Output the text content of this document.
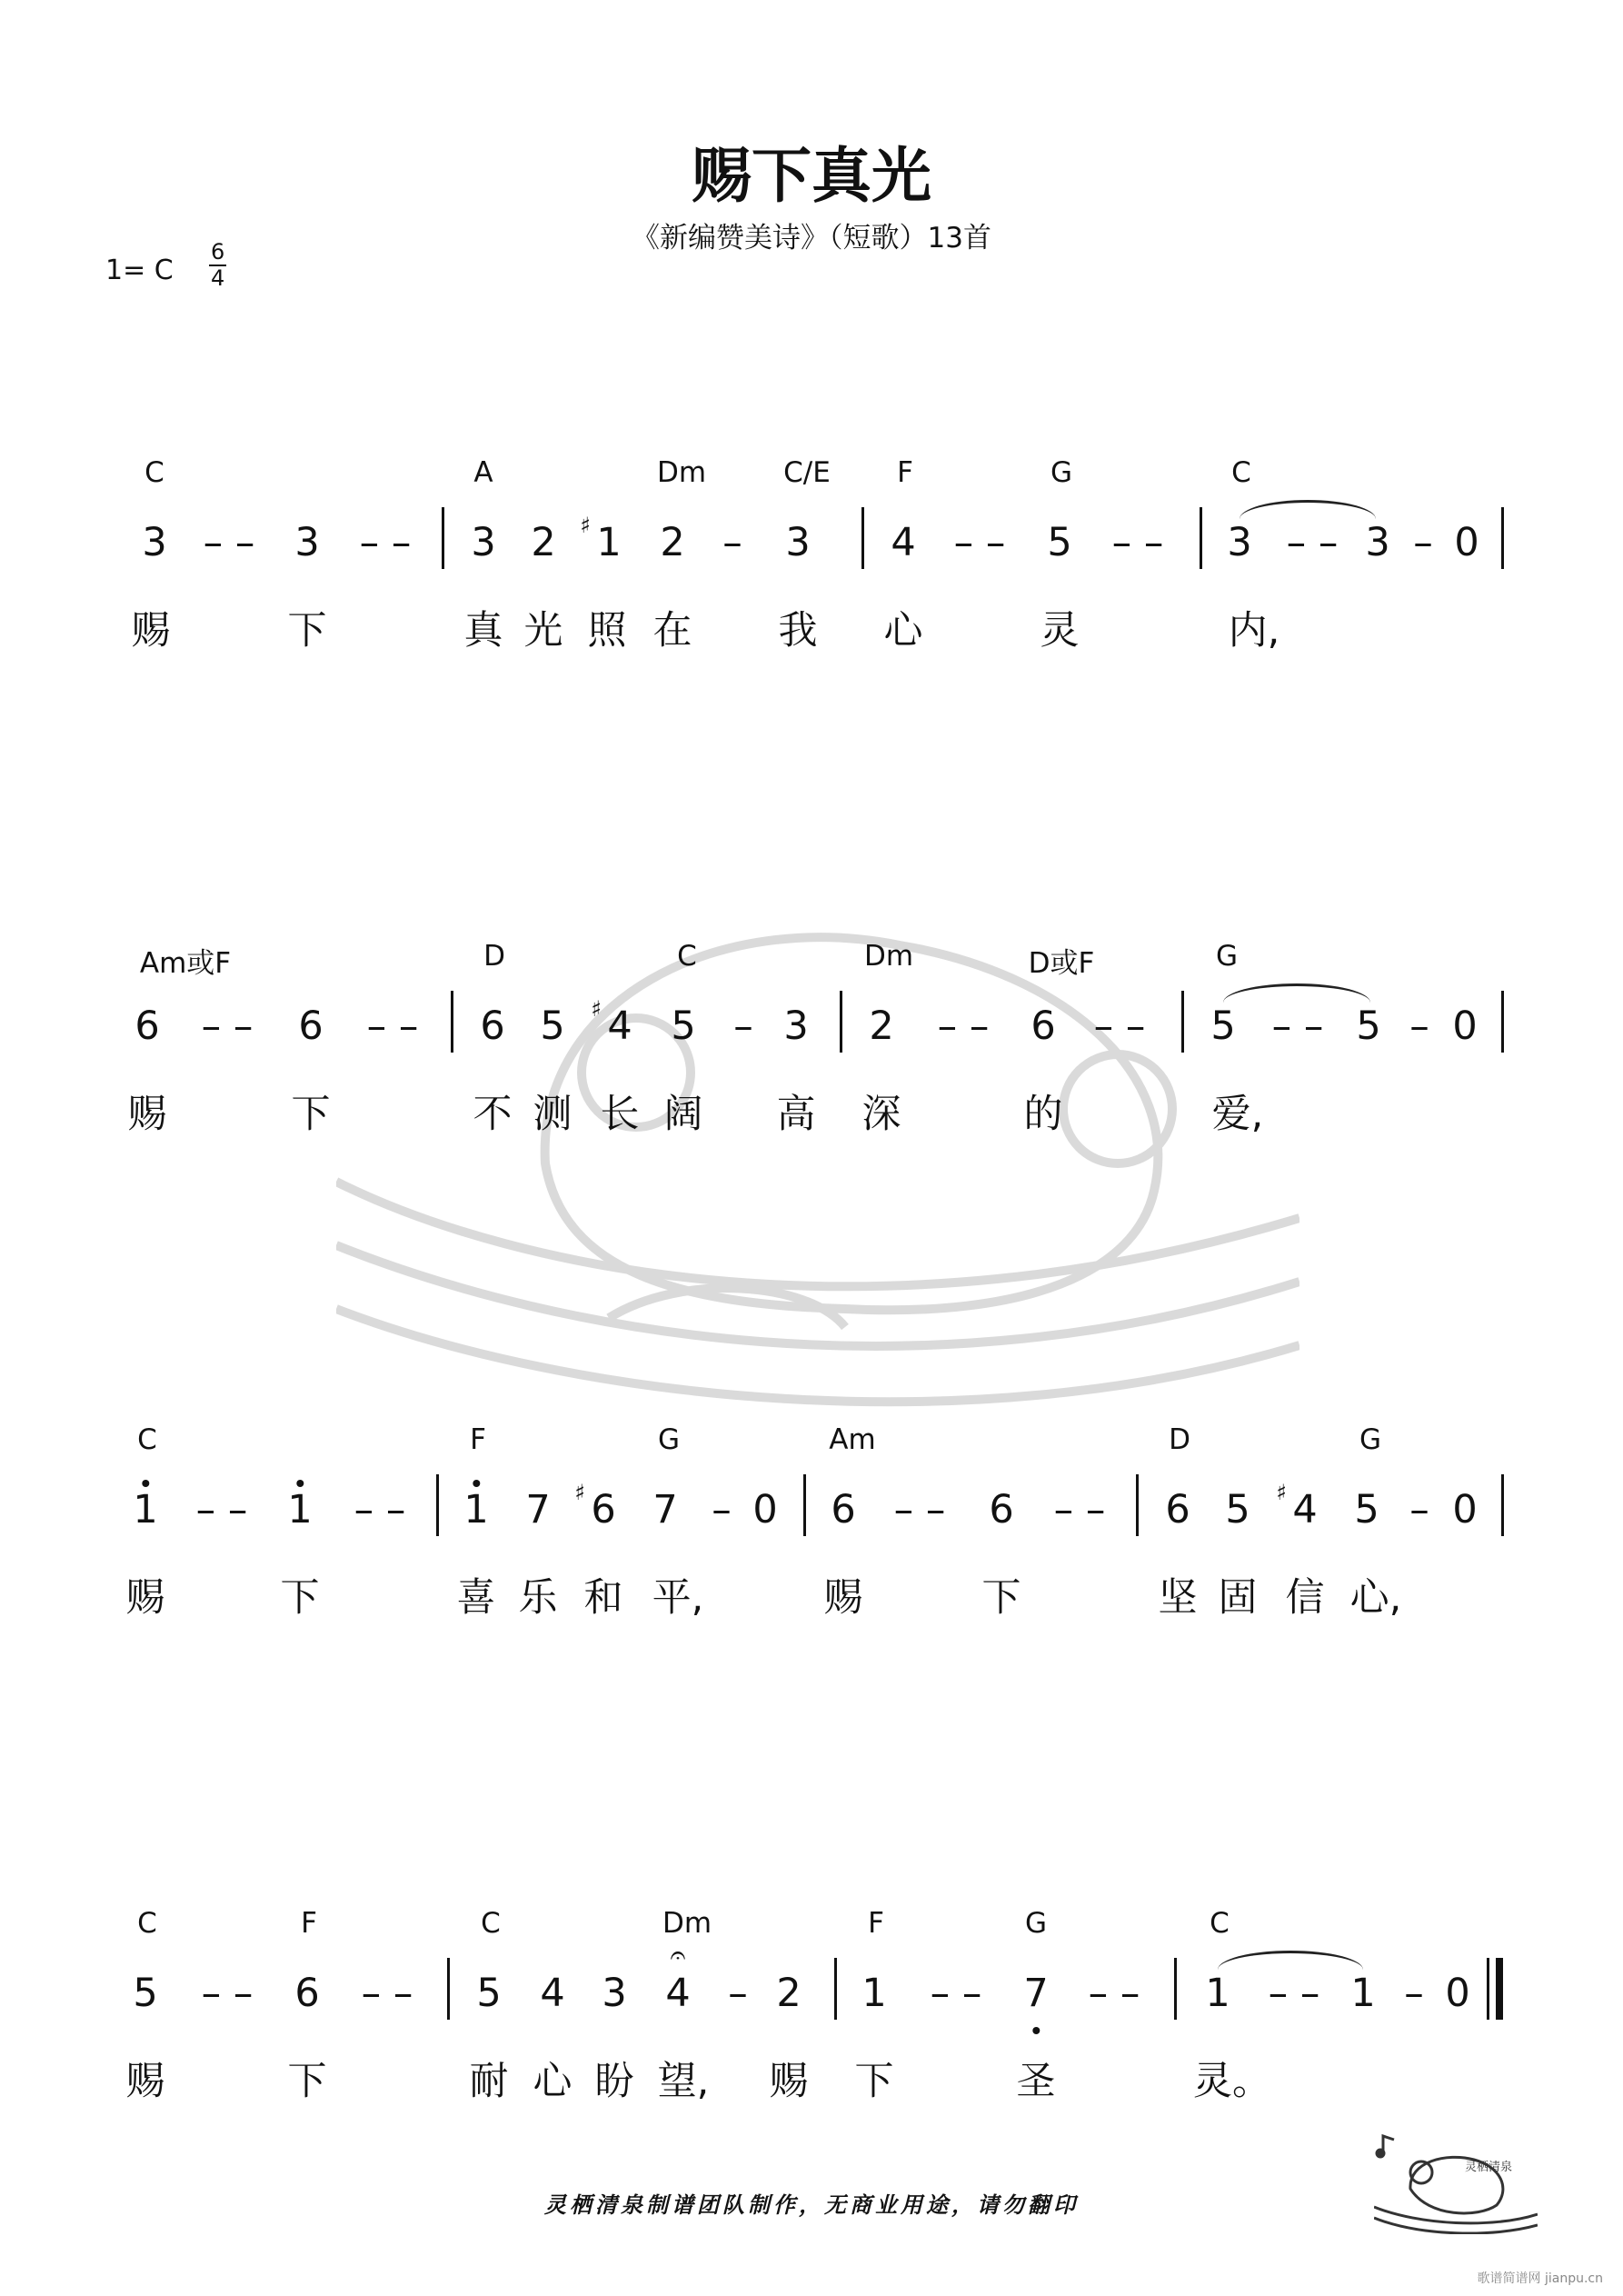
赐下真光
《新编赞美诗》（短歌）13首
1= C $\frac{6}{4}$
C	A	Dm	C/E F	G	C
3 – – 3 – – 3 2 ♯ 1 2 – 3 4 – – 5 – – 3 – – 3 – 0
赐	下	真 光 照 在 我 心	灵	内,
Am或F	D	C	Dm	D或F	G
6 – – 6 – – 6 5 ♯ 4 5 – 3 2 – – 6 – – 5 – – 5 – 0
赐	下	不 测 长 阔 高 深	的	爱,
C	F	G	Am	D	G
1 – – 1 – – 1 7 ♯ 6 7 – 0 6 – – 6 – – 6 5 ♯ 4 5 – 0
赐	下	喜 乐 和 平,	赐	下	坚 固 信 心,
C	F	C	Dm	F	G	C
5 – – 6 – – 5 4 3
𝄐
4 – 2 1 – – 7 – – 1 – – 1 – 0
赐	下	耐 心 盼 望, 赐 下	圣	灵。
灵栖清泉制谱团队制作，无商业用途，请勿翻印
灵栖清泉
歌谱简谱网 jianpu.cn
